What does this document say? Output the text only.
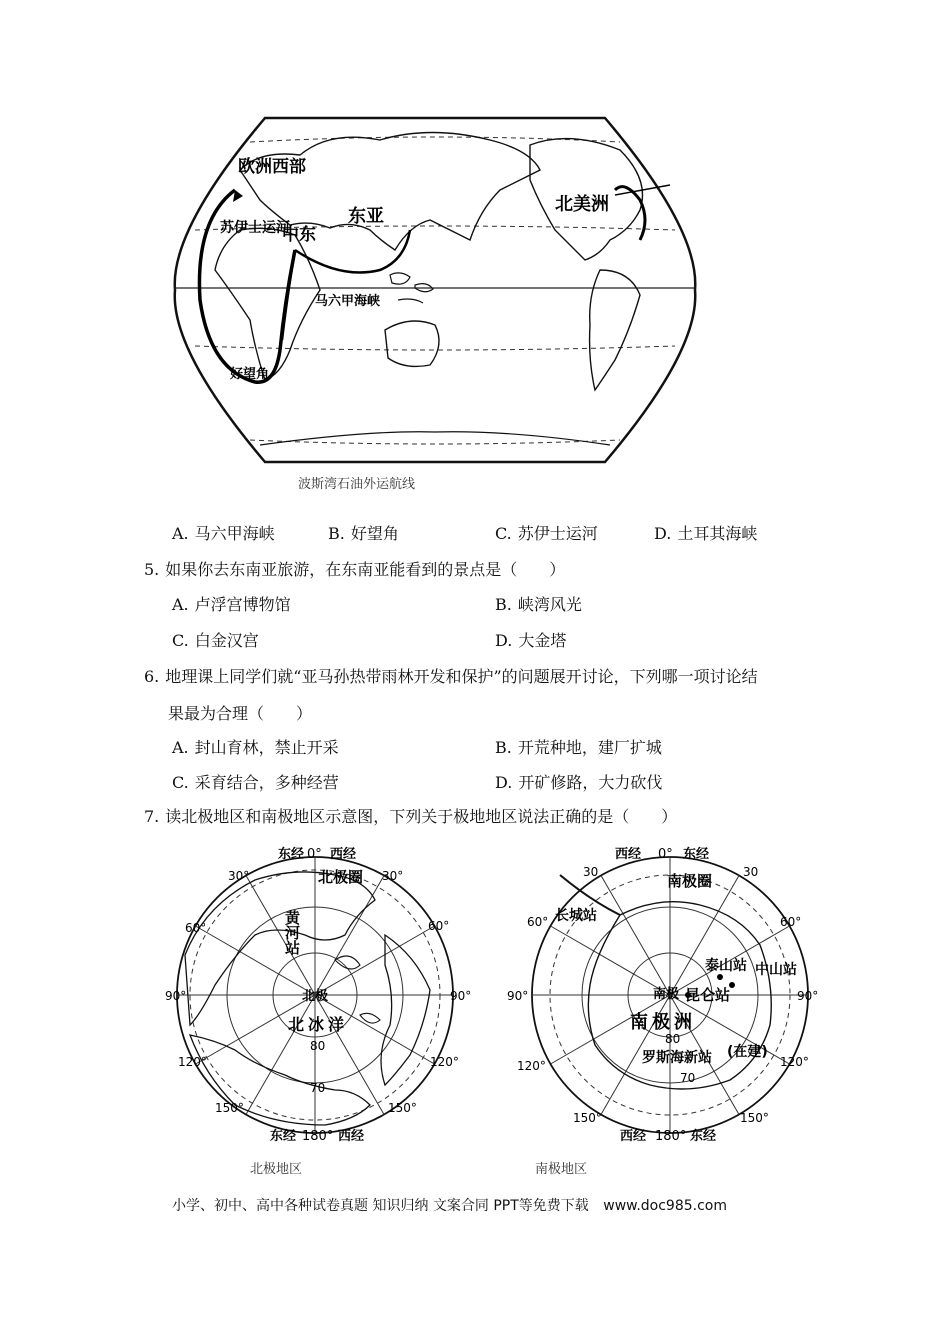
欧洲西部
苏伊士运河
中东
东亚
北美洲
马六甲海峡
好望角
波斯湾石油外运航线
A. 马六甲海峡	B. 好望角	C. 苏伊士运河	D. 土耳其海峡
5. 如果你去东南亚旅游，在东南亚能看到的景点是（　　）
A. 卢浮宫博物馆	B. 峡湾风光
C. 白金汉宫	D. 大金塔
6. 地理课上同学们就“亚马孙热带雨林开发和保护”的问题展开讨论，下列哪一项讨论结
果最为合理（　　）
A. 封山育林，禁止开采	B. 开荒种地，建厂扩城
C. 采育结合，多种经营	D. 开矿修路，大力砍伐
7. 读北极地区和南极地区示意图，下列关于极地地区说法正确的是（　　）
东经 0° 西经
30°
30°
60°
60°
90°
90°
120°
120°
150°
150°
东经 180° 西经
北极圈
黄河站
北极
北冰洋
80
70
北极地区
西经 0° 东经
30	30
60°	60°
90°	90°
120°	120°
150°	150°
西经 180° 东经
南极圈
长城站
泰山站 中山站
南极 昆仑站
南极洲
80
罗斯海新站 (在建)
70
南极地区
小学、初中、高中各种试卷真题 知识归纳 文案合同 PPT等免费下载 www.doc985.com
